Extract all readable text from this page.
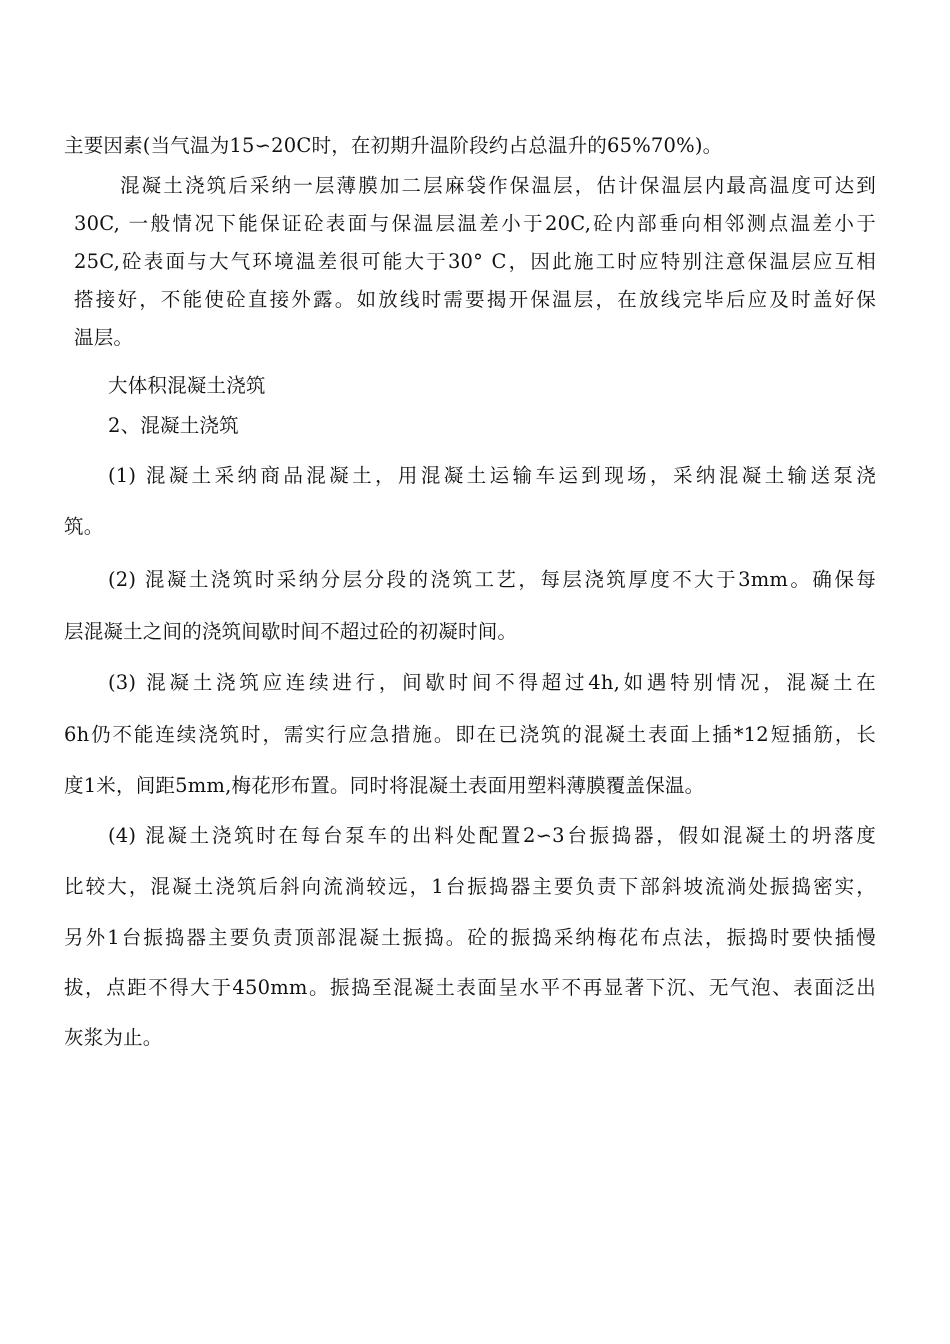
主要因素(当气温为15∽20C时，在初期升温阶段约占总温升的65%70%)。
混凝土浇筑后采纳一层薄膜加二层麻袋作保温层，估计保温层内最高温度可达到
30C, 一般情况下能保证砼表面与保温层温差小于20C,砼内部垂向相邻测点温差小于
25C,砼表面与大气环境温差很可能大于30° C，因此施工时应特别注意保温层应互相
搭接好，不能使砼直接外露。如放线时需要揭开保温层，在放线完毕后应及时盖好保
温层。
大体积混凝土浇筑
2、混凝土浇筑
(1) 混凝土采纳商品混凝土，用混凝土运输车运到现场，采纳混凝土输送泵浇
筑。
(2) 混凝土浇筑时采纳分层分段的浇筑工艺，每层浇筑厚度不大于3mm。确保每
层混凝土之间的浇筑间歇时间不超过砼的初凝时间。
(3) 混凝土浇筑应连续进行，间歇时间不得超过4h,如遇特别情况，混凝土在
6h仍不能连续浇筑时，需实行应急措施。即在已浇筑的混凝土表面上插*12短插筋，长
度1米，间距5mm,梅花形布置。同时将混凝土表面用塑料薄膜覆盖保温。
(4) 混凝土浇筑时在每台泵车的出料处配置2∽3台振捣器，假如混凝土的坍落度
比较大，混凝土浇筑后斜向流淌较远，1台振捣器主要负责下部斜坡流淌处振捣密实，
另外1台振捣器主要负责顶部混凝土振捣。砼的振捣采纳梅花布点法，振捣时要快插慢
拔，点距不得大于450mm。振捣至混凝土表面呈水平不再显著下沉、无气泡、表面泛出
灰浆为止。
